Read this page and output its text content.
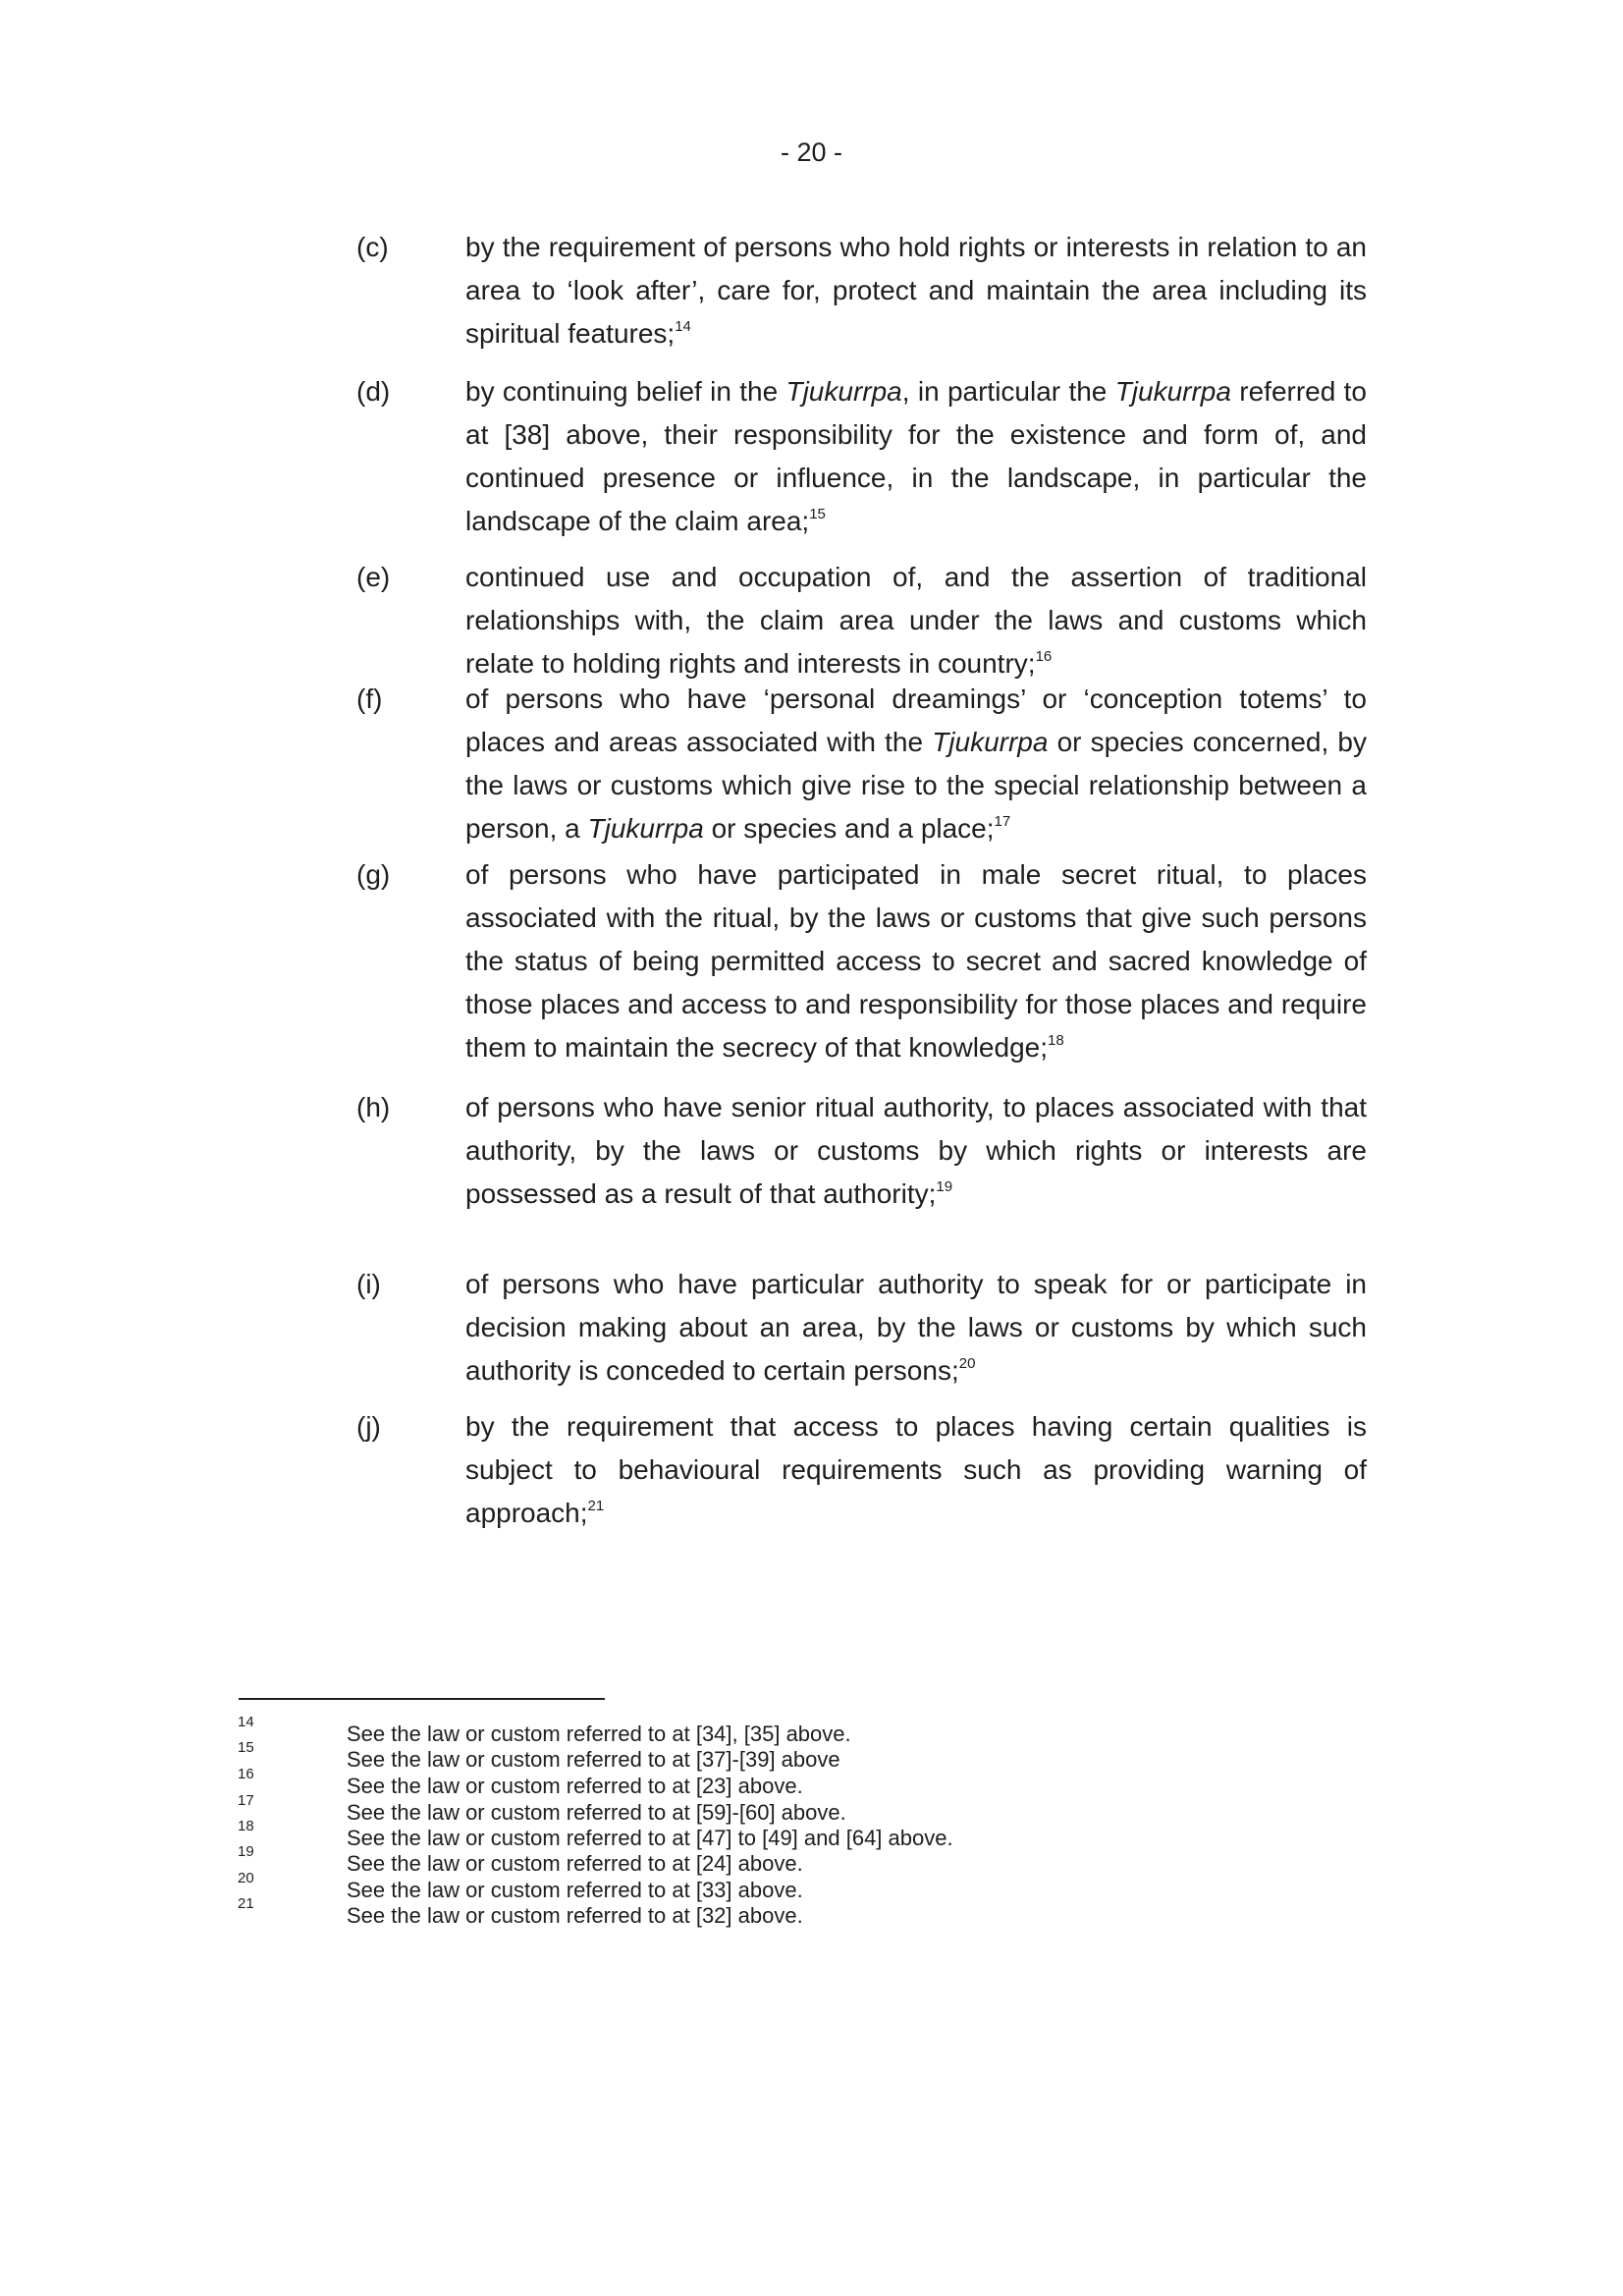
- 20 -
(c)	by the requirement of persons who hold rights or interests in relation to an area to ‘look after’, care for, protect and maintain the area including its spiritual features;$^{14}$
(d)	by continuing belief in the Tjukurrpa, in particular the Tjukurrpa referred to at [38] above, their responsibility for the existence and form of, and continued presence or influence, in the landscape, in particular the landscape of the claim area;$^{15}$
(e)	continued use and occupation of, and the assertion of traditional relationships with, the claim area under the laws and customs which relate to holding rights and interests in country;$^{16}$
(f)	of persons who have ‘personal dreamings’ or ‘conception totems’ to places and areas associated with the Tjukurrpa or species concerned, by the laws or customs which give rise to the special relationship between a person, a Tjukurrpa or species and a place;$^{17}$
(g)	of persons who have participated in male secret ritual, to places associated with the ritual, by the laws or customs that give such persons the status of being permitted access to secret and sacred knowledge of those places and access to and responsibility for those places and require them to maintain the secrecy of that knowledge;$^{18}$
(h)	of persons who have senior ritual authority, to places associated with that authority, by the laws or customs by which rights or interests are possessed as a result of that authority;$^{19}$
(i)	of persons who have particular authority to speak for or participate in decision making about an area, by the laws or customs by which such authority is conceded to certain persons;$^{20}$
(j)	by the requirement that access to places having certain qualities is subject to behavioural requirements such as providing warning of approach;$^{21}$
14	See the law or custom referred to at [34], [35] above.
15	See the law or custom referred to at [37]-[39] above
16	See the law or custom referred to at [23] above.
17	See the law or custom referred to at [59]-[60] above.
18	See the law or custom referred to at [47] to [49] and [64] above.
19	See the law or custom referred to at [24] above.
20	See the law or custom referred to at [33] above.
21	See the law or custom referred to at [32] above.
